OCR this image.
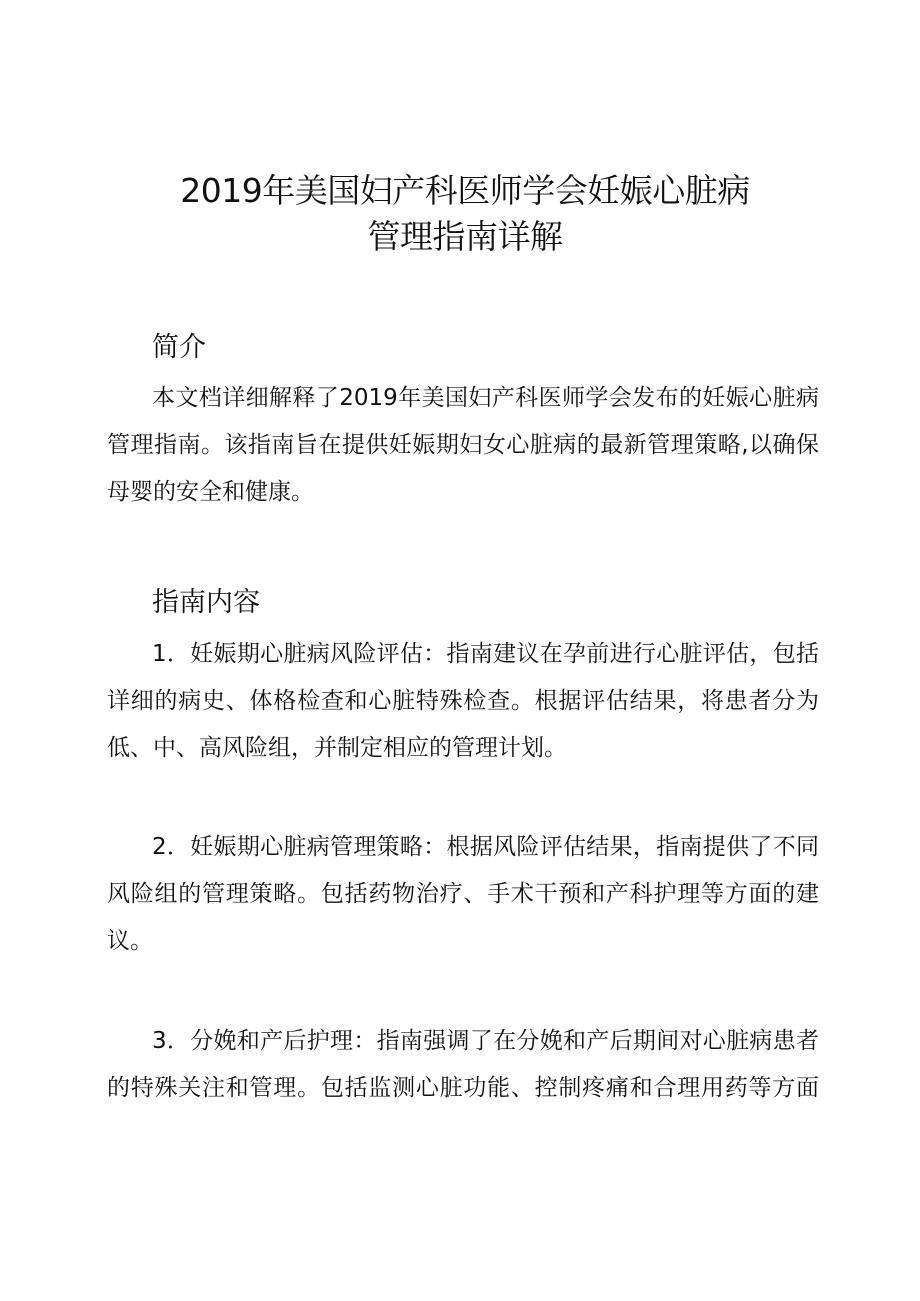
2019年美国妇产科医师学会妊娠心脏病
管理指南详解
简介

本文档详细解释了2019年美国妇产科医师学会发布的妊娠心脏病

管理指南。该指南旨在提供妊娠期妇女心脏病的最新管理策略,以确保

母婴的安全和健康。

指南内容

1．妊娠期心脏病风险评估：指南建议在孕前进行心脏评估，包括

详细的病史、体格检查和心脏特殊检查。根据评估结果，将患者分为

低、中、高风险组，并制定相应的管理计划。

2．妊娠期心脏病管理策略：根据风险评估结果，指南提供了不同

风险组的管理策略。包括药物治疗、手术干预和产科护理等方面的建

议。

3．分娩和产后护理：指南强调了在分娩和产后期间对心脏病患者

的特殊关注和管理。包括监测心脏功能、控制疼痛和合理用药等方面
